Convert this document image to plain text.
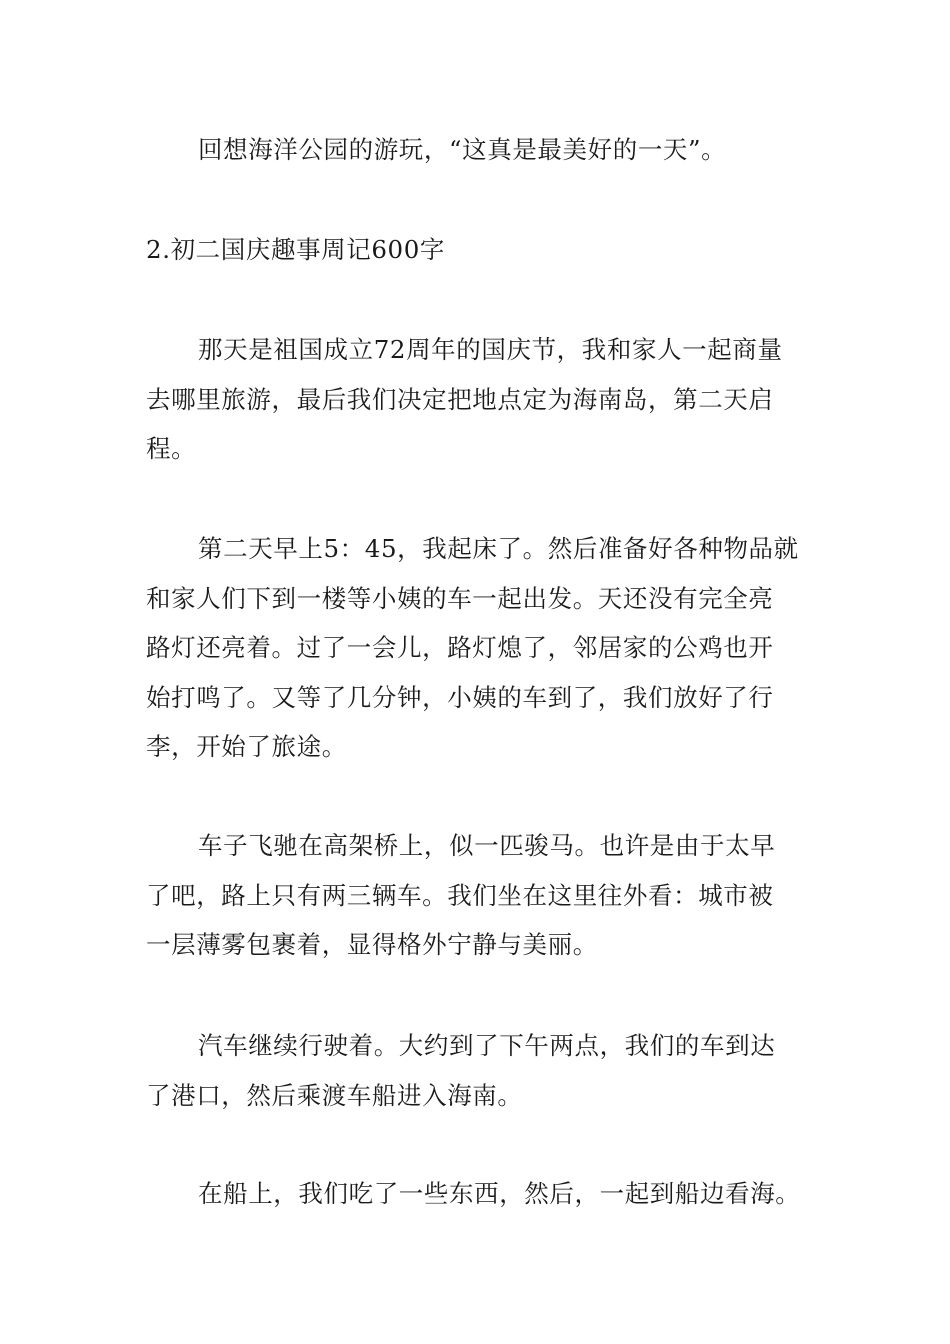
回想海洋公园的游玩，“这真是最美好的一天”。

2.初二国庆趣事周记600字

那天是祖国成立72周年的国庆节，我和家人一起商量
去哪里旅游，最后我们决定把地点定为海南岛，第二天启
程。

第二天早上5：45，我起床了。然后准备好各种物品就
和家人们下到一楼等小姨的车一起出发。天还没有完全亮
路灯还亮着。过了一会儿，路灯熄了，邻居家的公鸡也开
始打鸣了。又等了几分钟，小姨的车到了，我们放好了行
李，开始了旅途。

车子飞驰在高架桥上，似一匹骏马。也许是由于太早
了吧，路上只有两三辆车。我们坐在这里往外看：城市被
一层薄雾包裹着，显得格外宁静与美丽。

汽车继续行驶着。大约到了下午两点，我们的车到达
了港口，然后乘渡车船进入海南。

在船上，我们吃了一些东西，然后，一起到船边看海。
